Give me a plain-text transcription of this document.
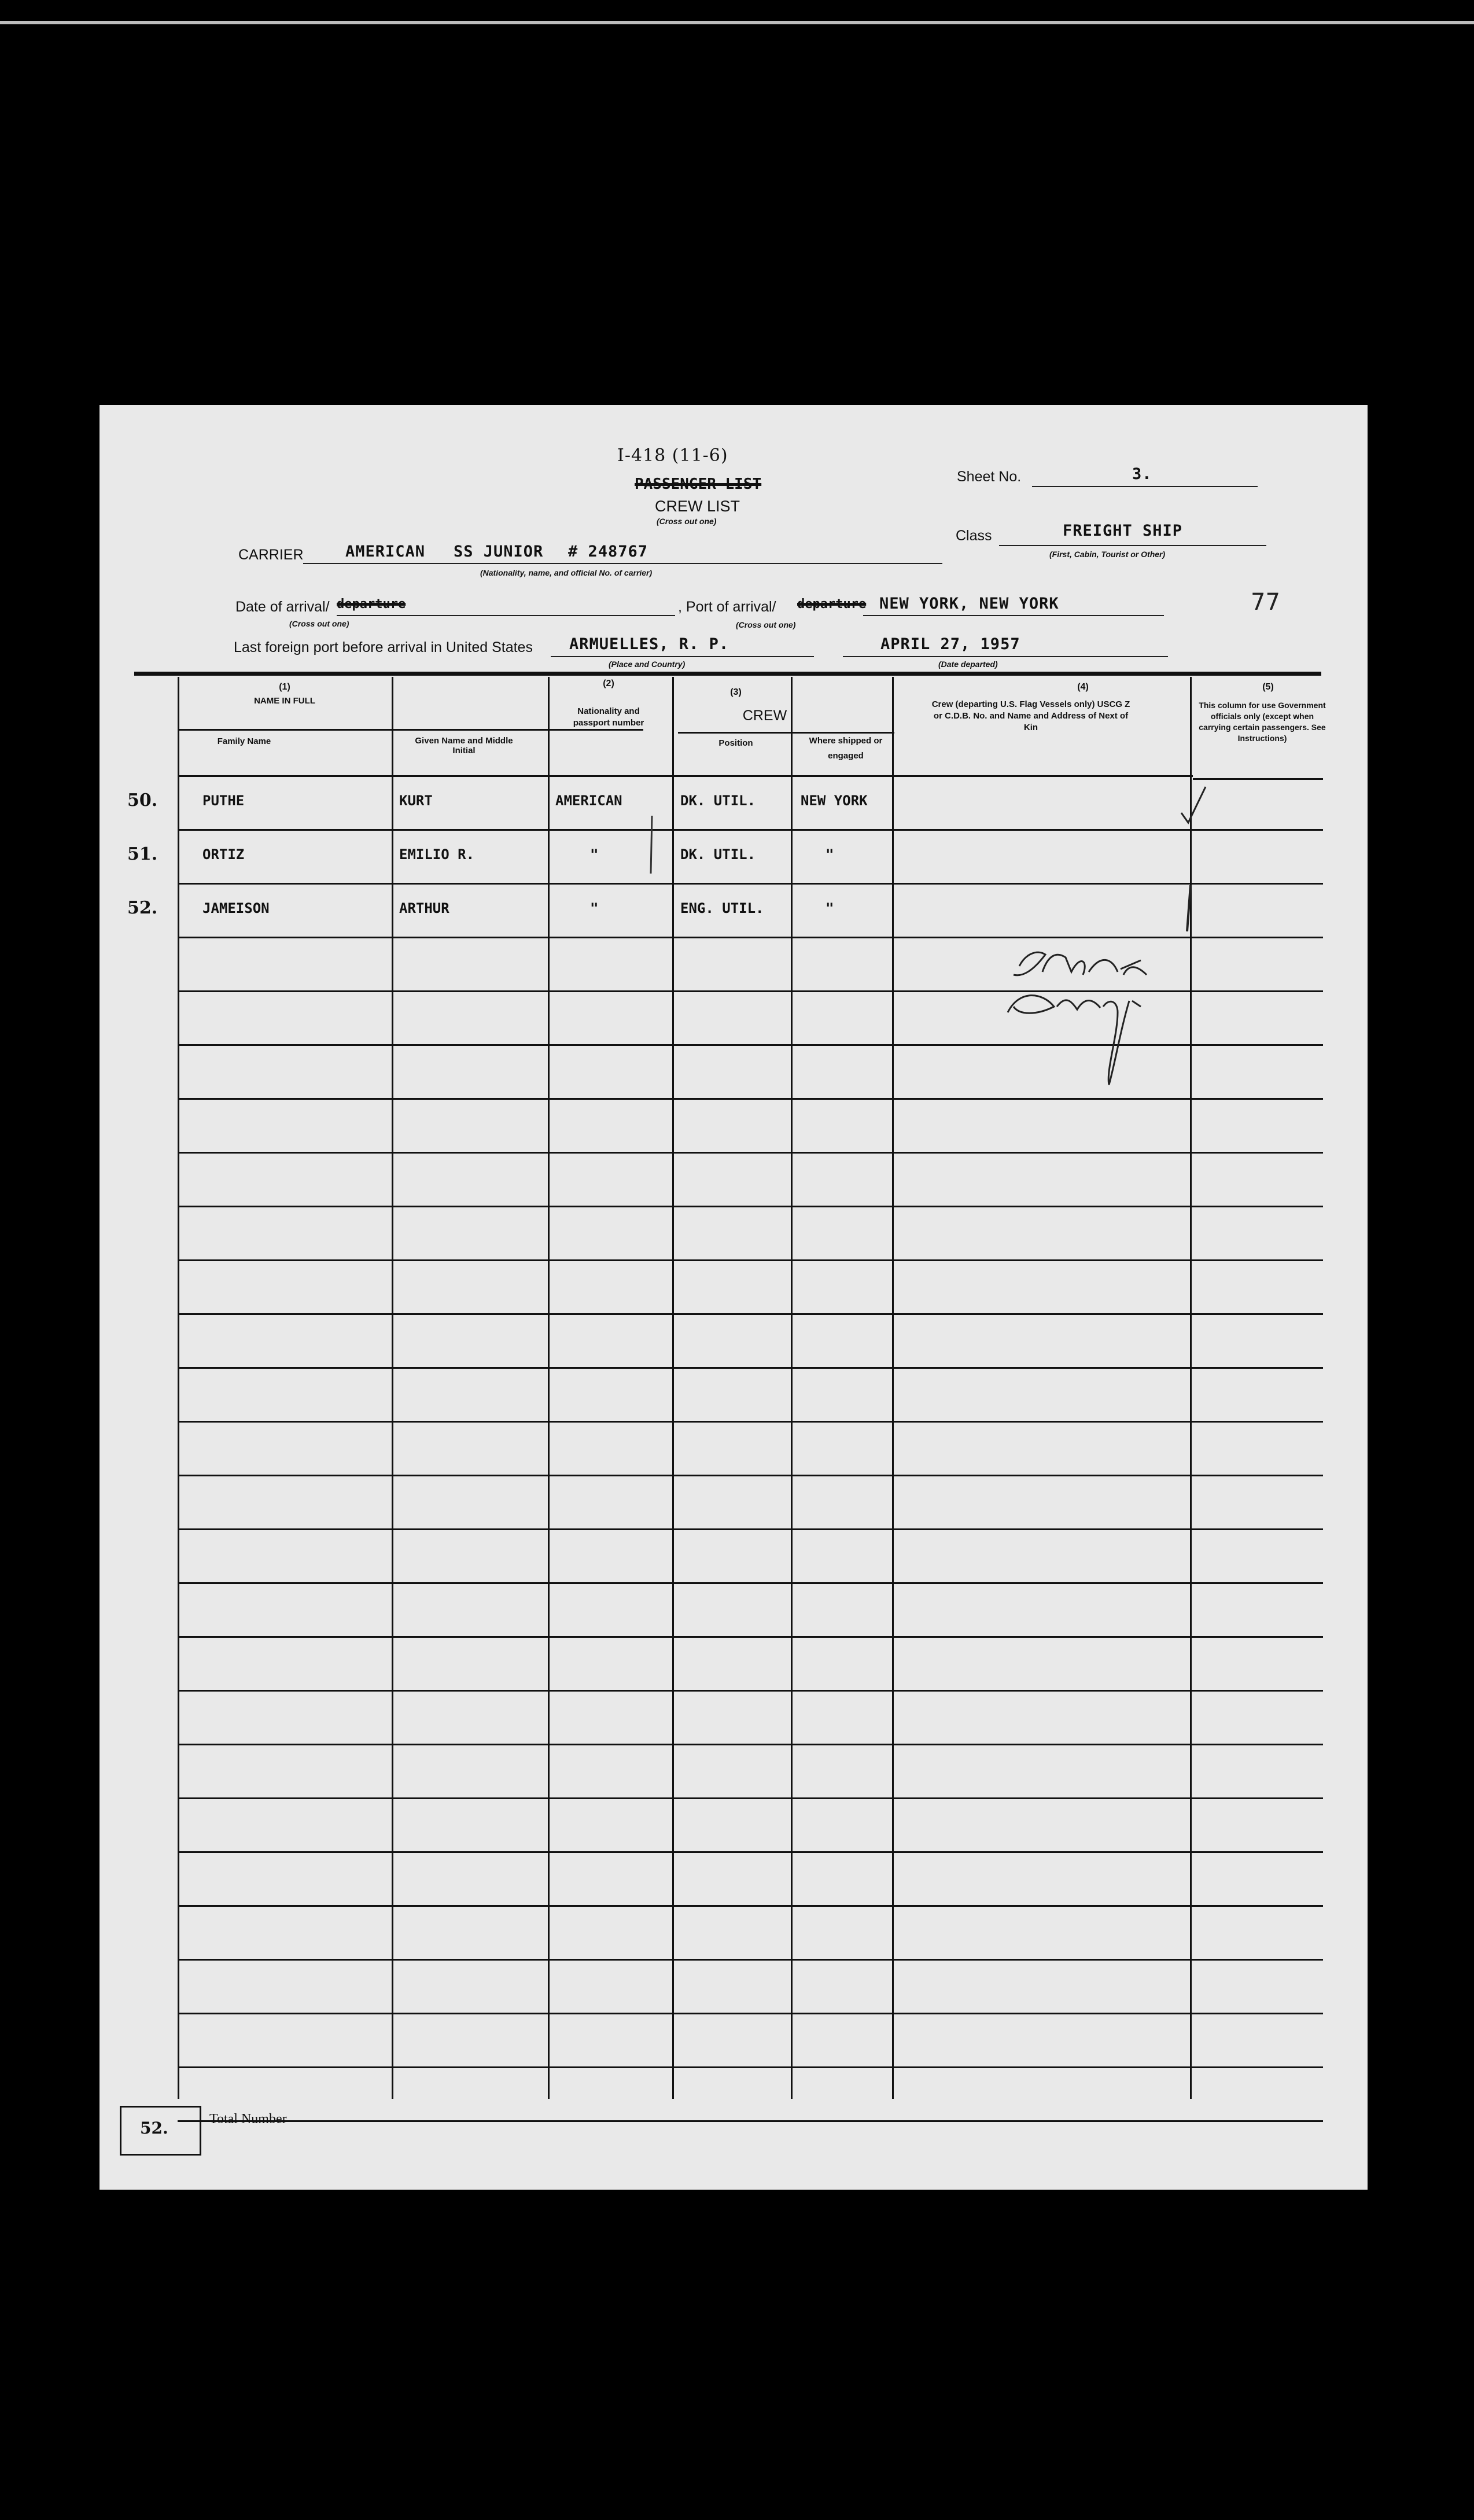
I-418 (11-6)
PASSENGER LIST
CREW LIST
(Cross out one)
Sheet No.	3.
CARRIER	AMERICAN SS JUNIOR # 248767
(Nationality, name, and official No. of carrier)
Class	FREIGHT SHIP
(First, Cabin, Tourist or Other)
Date of arrival/ departure
(Cross out one)
, Port of arrival/ departure NEW YORK, NEW YORK
(Cross out one)
77
Last foreign port before arrival in United States ARMUELLES, R. P.
(Place and Country)
APRIL 27, 1957
(Date departed)
(1)
NAME IN FULL
Family Name	Given Name and Middle Initial
(2)
Nationality and passport number
(3)
CREW
Position	Where shipped or engaged
(4)
Crew (departing U.S. Flag Vessels only) USCG Z or C.D.B. No. and Name and Address of Next of Kin
(5)
This column for use Government officials only (except when carrying certain passengers. See Instructions)
50.	PUTHE	KURT	AMERICAN	DK. UTIL.	NEW YORK
51.	ORTIZ	EMILIO R.	"	DK. UTIL.	"
52.	JAMEISON	ARTHUR	"	ENG. UTIL.	"
52.	Total Number
